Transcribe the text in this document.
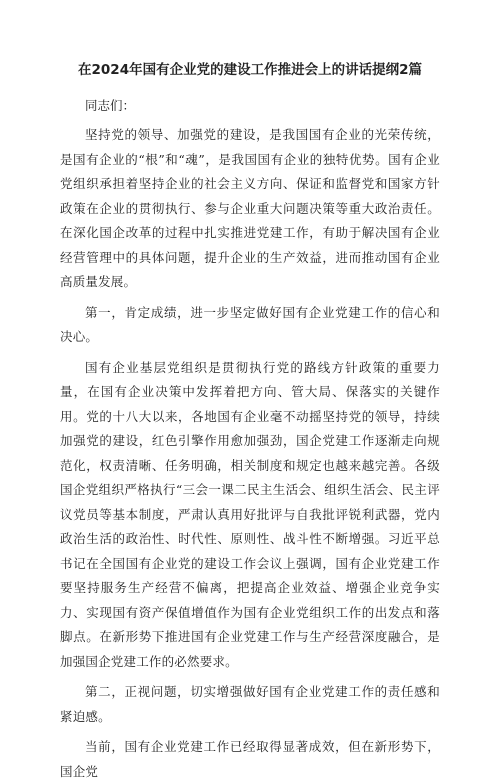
在2024年国有企业党的建设工作推进会上的讲话提纲2篇

同志们：

坚持党的领导、加强党的建设，是我国国有企业的光荣传统，是国有企业的“根”和“魂”，是我国国有企业的独特优势。国有企业党组织承担着坚持企业的社会主义方向、保证和监督党和国家方针政策在企业的贯彻执行、参与企业重大问题决策等重大政治责任。在深化国企改革的过程中扎实推进党建工作，有助于解决国有企业经营管理中的具体问题，提升企业的生产效益，进而推动国有企业高质量发展。

第一，肯定成绩，进一步坚定做好国有企业党建工作的信心和决心。

国有企业基层党组织是贯彻执行党的路线方针政策的重要力量，在国有企业决策中发挥着把方向、管大局、保落实的关键作用。党的十八大以来，各地国有企业毫不动摇坚持党的领导，持续加强党的建设，红色引擎作用愈加强劲，国企党建工作逐渐走向规范化，权责清晰、任务明确，相关制度和规定也越来越完善。各级国企党组织严格执行“三会一课二民主生活会、组织生活会、民主评议党员等基本制度，严肃认真用好批评与自我批评锐利武器，党内政治生活的政治性、时代性、原则性、战斗性不断增强。习近平总书记在全国国有企业党的建设工作会议上强调，国有企业党建工作要坚持服务生产经营不偏离，把提高企业效益、增强企业竞争实力、实现国有资产保值增值作为国有企业党组织工作的出发点和落脚点。在新形势下推进国有企业党建工作与生产经营深度融合，是加强国企党建工作的必然要求。

第二，正视问题，切实增强做好国有企业党建工作的责任感和紧迫感。

当前，国有企业党建工作已经取得显著成效，但在新形势下，国企党
